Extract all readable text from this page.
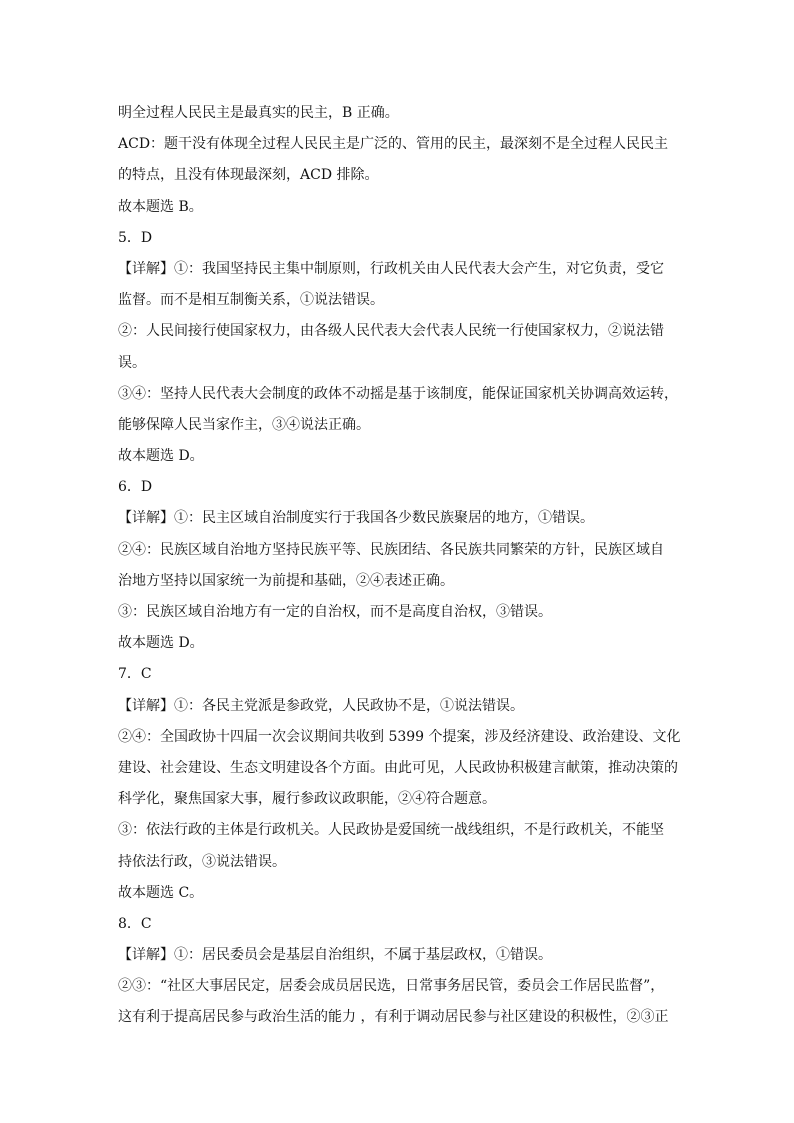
明全过程人民民主是最真实的民主，B 正确。
ACD：题干没有体现全过程人民民主是广泛的、管用的民主，最深刻不是全过程人民民主
的特点，且没有体现最深刻，ACD 排除。
故本题选 B。
5．D
【详解】①：我国坚持民主集中制原则，行政机关由人民代表大会产生，对它负责，受它
监督。而不是相互制衡关系，①说法错误。
②：人民间接行使国家权力，由各级人民代表大会代表人民统一行使国家权力，②说法错
误。
③④：坚持人民代表大会制度的政体不动摇是基于该制度，能保证国家机关协调高效运转，
能够保障人民当家作主，③④说法正确。
故本题选 D。
6．D
【详解】①：民主区域自治制度实行于我国各少数民族聚居的地方，①错误。
②④：民族区域自治地方坚持民族平等、民族团结、各民族共同繁荣的方针，民族区域自
治地方坚持以国家统一为前提和基础，②④表述正确。
③：民族区域自治地方有一定的自治权，而不是高度自治权，③错误。
故本题选 D。
7．C
【详解】①：各民主党派是参政党，人民政协不是，①说法错误。
②④：全国政协十四届一次会议期间共收到 5399 个提案，涉及经济建设、政治建设、文化
建设、社会建设、生态文明建设各个方面。由此可见，人民政协积极建言献策，推动决策的
科学化，聚焦国家大事，履行参政议政职能，②④符合题意。
③：依法行政的主体是行政机关。人民政协是爱国统一战线组织，不是行政机关，不能坚
持依法行政，③说法错误。
故本题选 C。
8．C
【详解】①：居民委员会是基层自治组织，不属于基层政权，①错误。
②③：“社区大事居民定，居委会成员居民选，日常事务居民管，委员会工作居民监督”，
这有利于提高居民参与政治生活的能力 ，有利于调动居民参与社区建设的积极性，②③正
